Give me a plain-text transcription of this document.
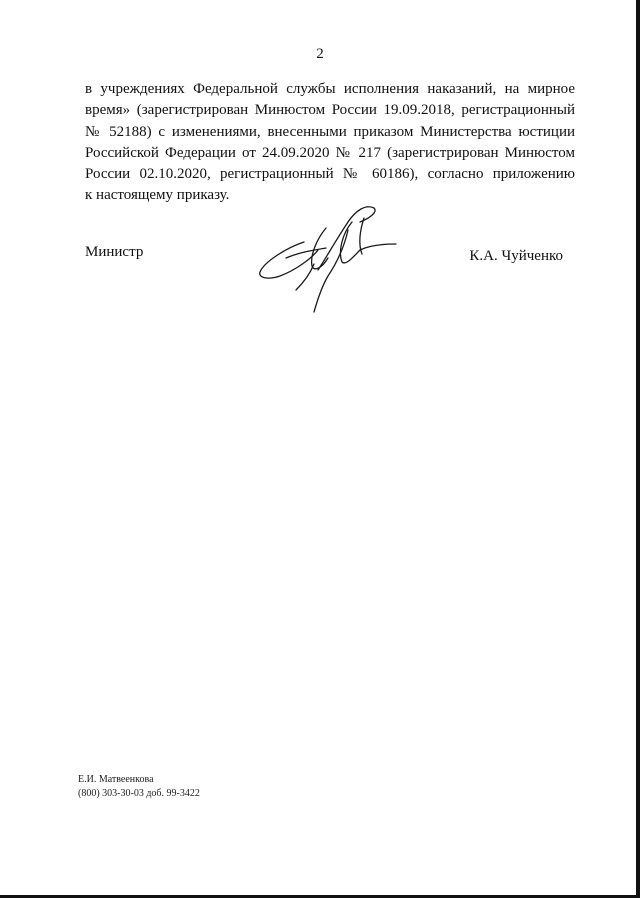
2
в учреждениях Федеральной службы исполнения наказаний, на мирное
время» (зарегистрирован Минюстом России 19.09.2018, регистрационный
№ 52188) с изменениями, внесенными приказом Министерства юстиции
Российской Федерации от 24.09.2020 № 217 (зарегистрирован Минюстом
России 02.10.2020, регистрационный № 60186), согласно приложению
к настоящему приказу.
Министр	К.А. Чуйченко
Е.И. Матвеенкова
(800) 303-30-03 доб. 99-3422
